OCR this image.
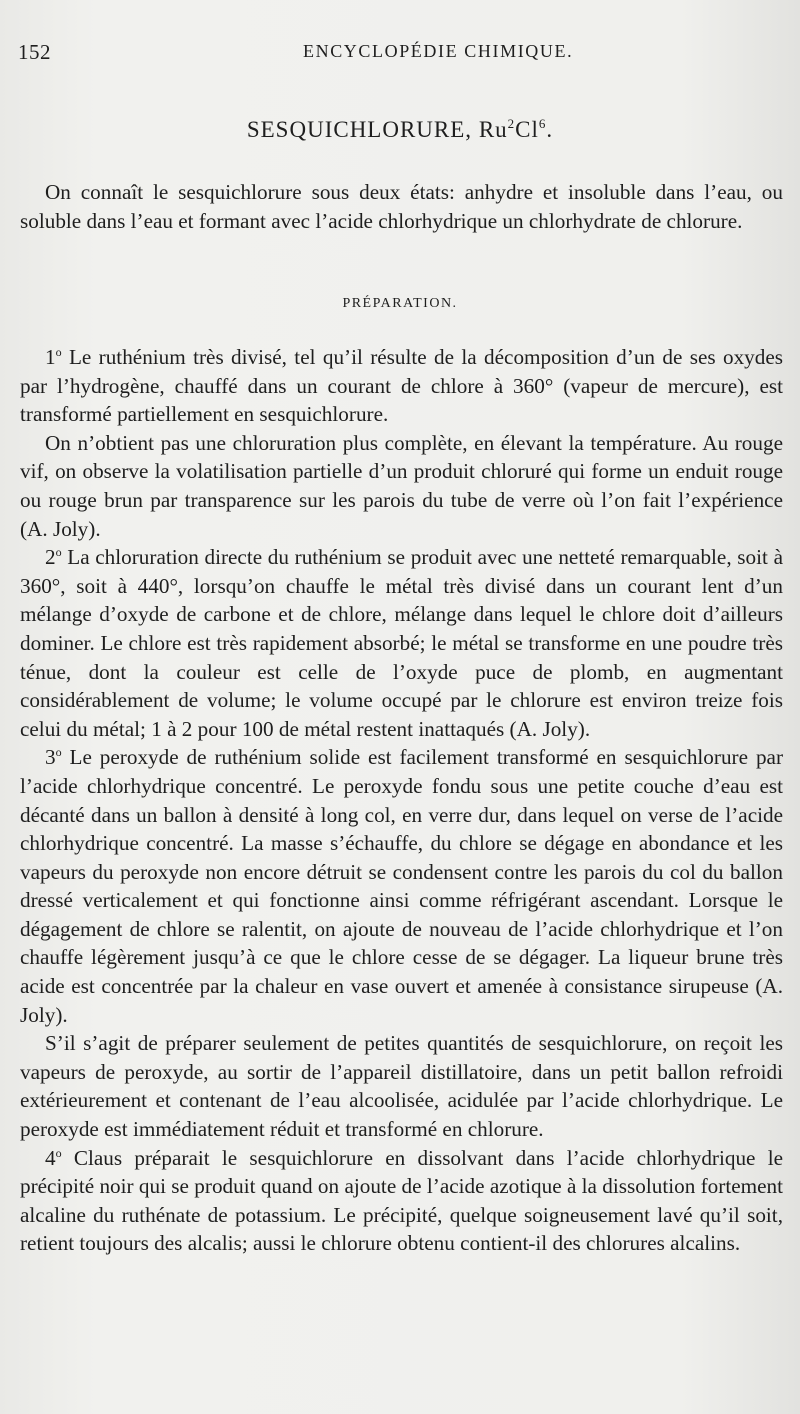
152	ENCYCLOPÉDIE CHIMIQUE.
SESQUICHLORURE, Ru$^2$Cl$^6$.

On connaît le sesquichlorure sous deux états: anhydre et insoluble dans l’eau, ou soluble dans l’eau et formant avec l’acide chlorhydrique un chlorhydrate de chlorure.

PRÉPARATION.

1$^o$ Le ruthénium très divisé, tel qu’il résulte de la décomposition d’un de ses oxydes par l’hydrogène, chauffé dans un courant de chlore à 360° (vapeur de mercure), est transformé partiellement en sesquichlorure.

On n’obtient pas une chloruration plus complète, en élevant la température. Au rouge vif, on observe la volatilisation partielle d’un produit chloruré qui forme un enduit rouge ou rouge brun par transparence sur les parois du tube de verre où l’on fait l’expérience (A. Joly).

2$^o$ La chloruration directe du ruthénium se produit avec une netteté remarquable, soit à 360°, soit à 440°, lorsqu’on chauffe le métal très divisé dans un courant lent d’un mélange d’oxyde de carbone et de chlore, mélange dans lequel le chlore doit d’ailleurs dominer. Le chlore est très rapidement absorbé; le métal se transforme en une poudre très ténue, dont la couleur est celle de l’oxyde puce de plomb, en augmentant considérablement de volume; le volume occupé par le chlorure est environ treize fois celui du métal; 1 à 2 pour 100 de métal restent inattaqués (A. Joly).

3$^o$ Le peroxyde de ruthénium solide est facilement transformé en sesquichlorure par l’acide chlorhydrique concentré. Le peroxyde fondu sous une petite couche d’eau est décanté dans un ballon à densité à long col, en verre dur, dans lequel on verse de l’acide chlorhydrique concentré. La masse s’échauffe, du chlore se dégage en abondance et les vapeurs du peroxyde non encore détruit se condensent contre les parois du col du ballon dressé verticalement et qui fonctionne ainsi comme réfrigérant ascendant. Lorsque le dégagement de chlore se ralentit, on ajoute de nouveau de l’acide chlorhydrique et l’on chauffe légèrement jusqu’à ce que le chlore cesse de se dégager. La liqueur brune très acide est concentrée par la chaleur en vase ouvert et amenée à consistance sirupeuse (A. Joly).

S’il s’agit de préparer seulement de petites quantités de sesquichlorure, on reçoit les vapeurs de peroxyde, au sortir de l’appareil distillatoire, dans un petit ballon refroidi extérieurement et contenant de l’eau alcoolisée, acidulée par l’acide chlorhydrique. Le peroxyde est immédiatement réduit et transformé en chlorure.

4$^o$ Claus préparait le sesquichlorure en dissolvant dans l’acide chlorhydrique le précipité noir qui se produit quand on ajoute de l’acide azotique à la dissolution fortement alcaline du ruthénate de potassium. Le précipité, quelque soigneusement lavé qu’il soit, retient toujours des alcalis; aussi le chlorure obtenu contient-il des chlorures alcalins.
